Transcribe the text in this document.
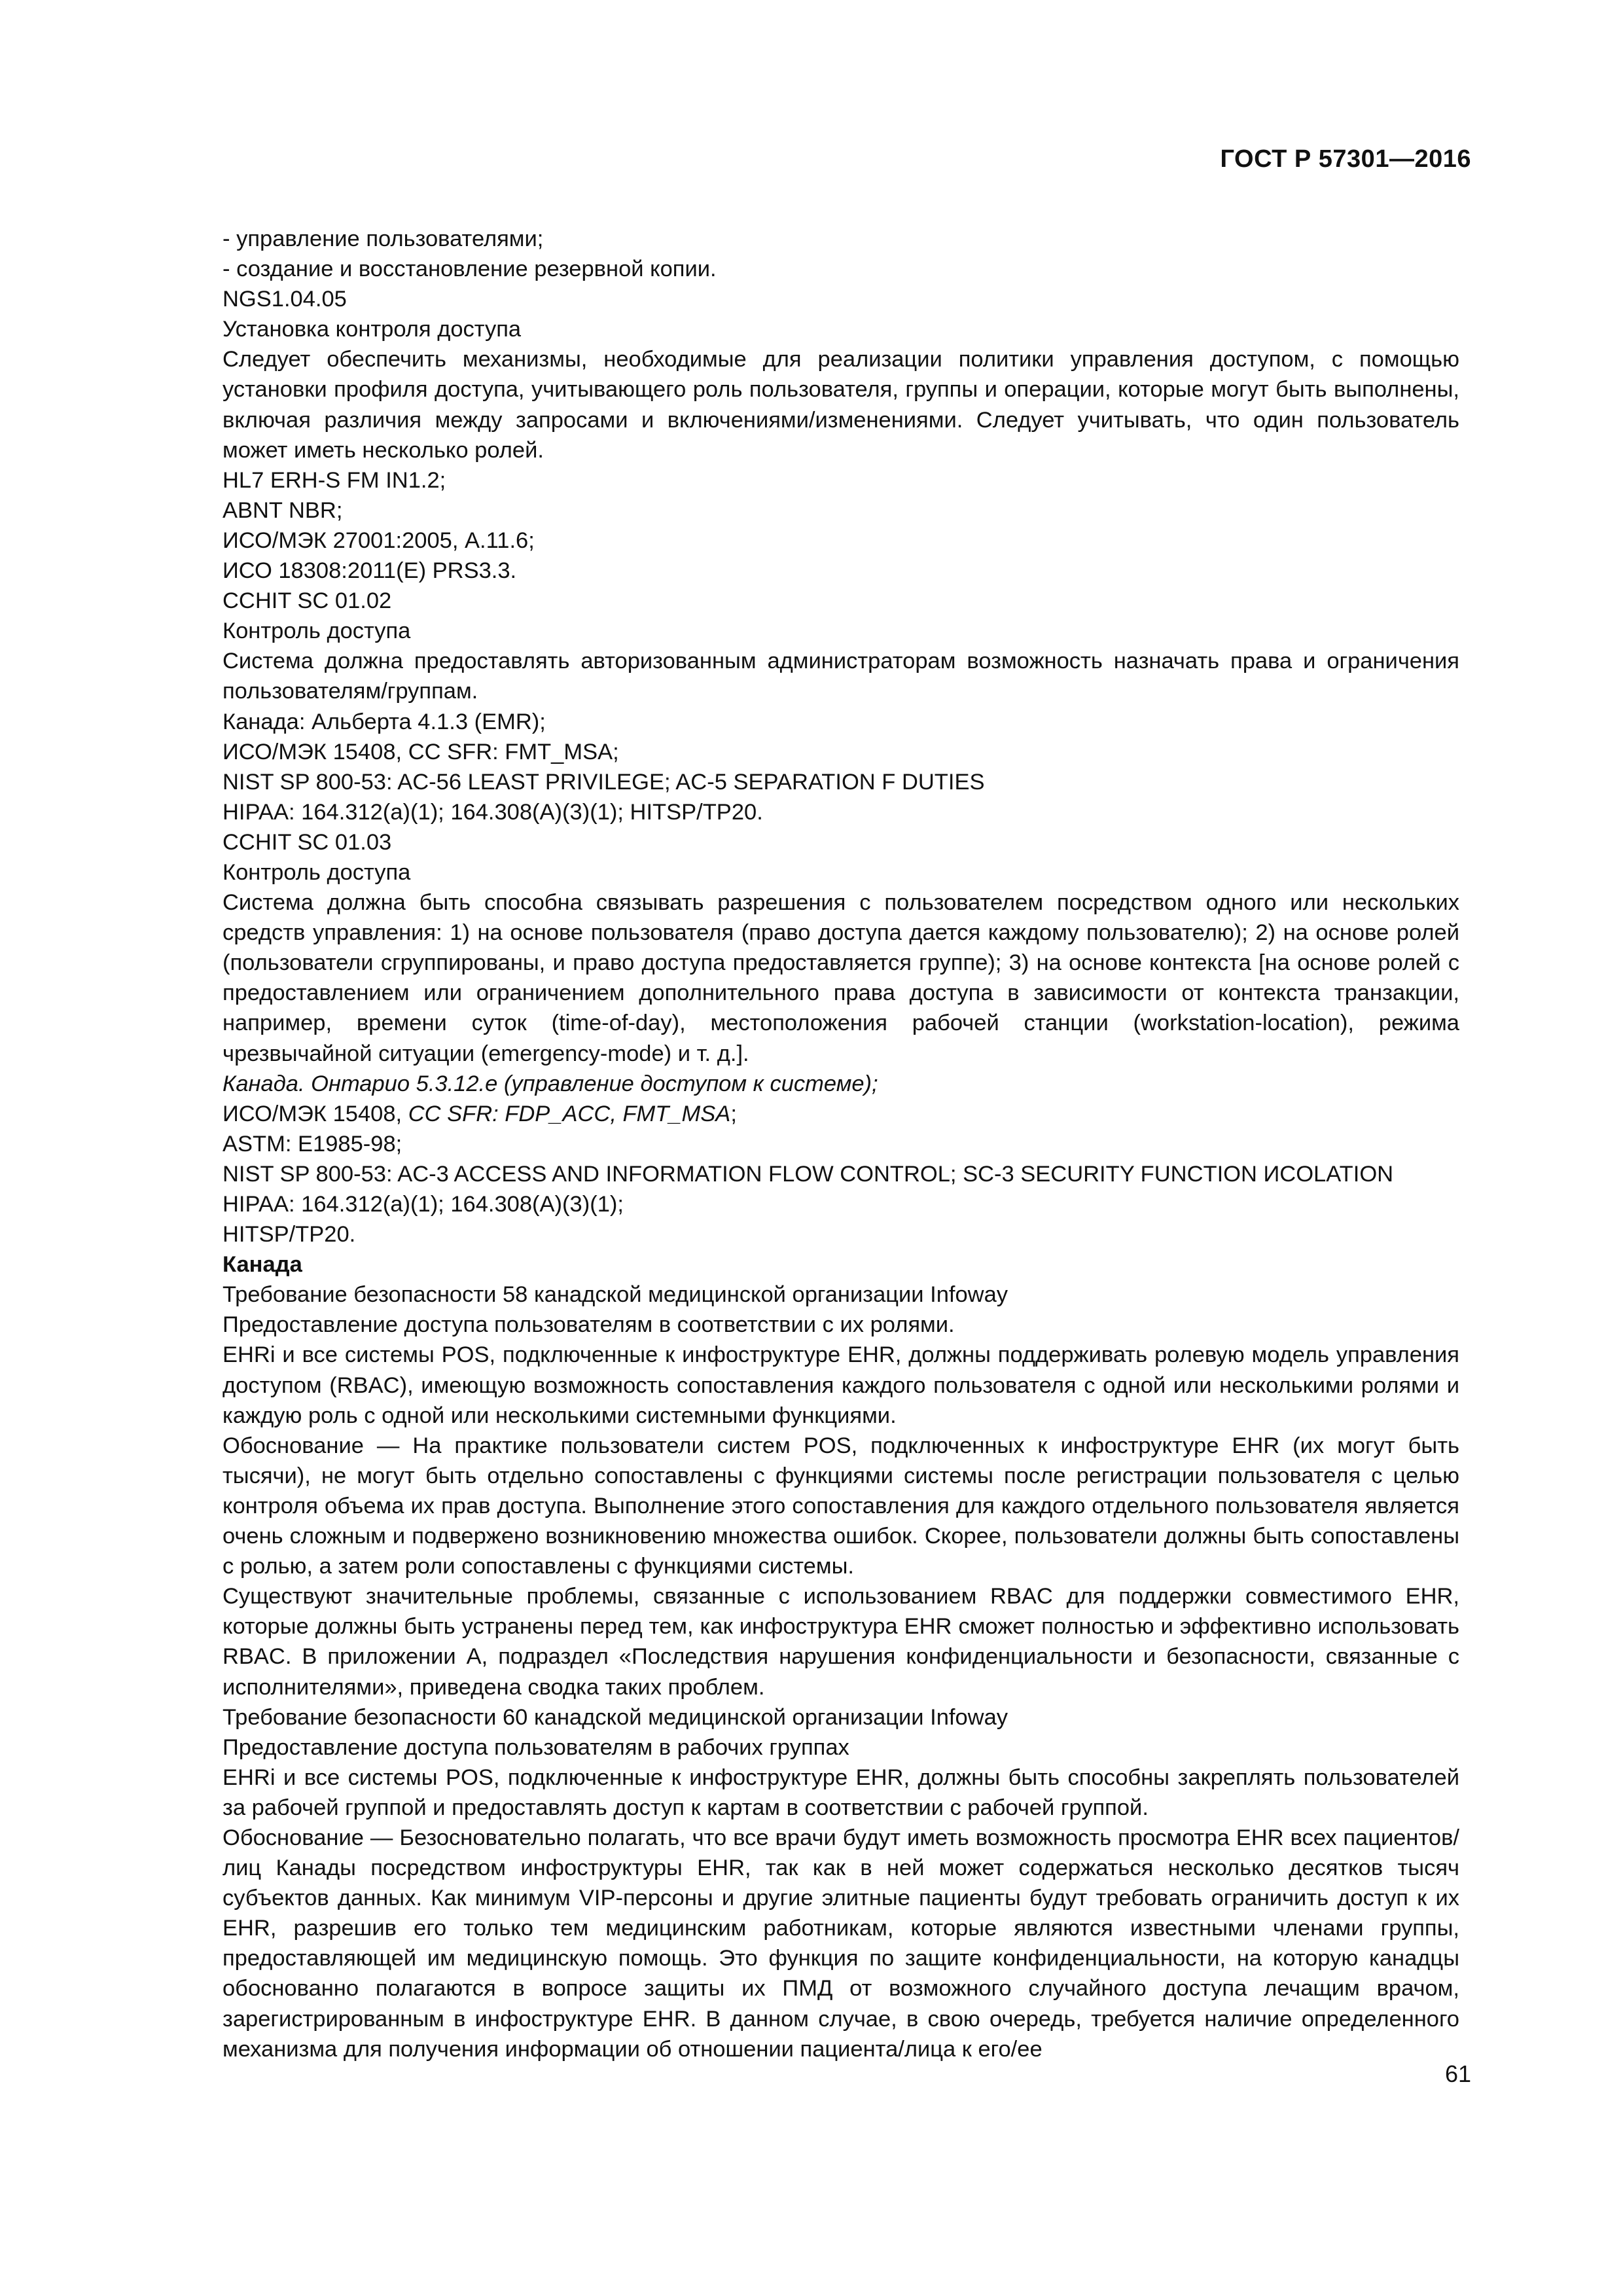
ГОСТ Р 57301—2016
- управление пользователями;
- создание и восстановление резервной копии.
NGS1.04.05
Установка контроля доступа
Следует обеспечить механизмы, необходимые для реализации политики управления доступом, с помощью установки профиля доступа, учитывающего роль пользователя, группы и операции, которые могут быть выполнены, включая различия между запросами и включениями/изменениями. Следует учитывать, что один пользователь может иметь несколько ролей.
HL7 ERH-S FM IN1.2;
ABNT NBR;
ИСО/МЭК 27001:2005, A.11.6;
ИСО 18308:2011(E) PRS3.3.
CCHIT SC 01.02
Контроль доступа
Система должна предоставлять авторизованным администраторам возможность назначать права и ограничения пользователям/группам.
Канада: Альберта 4.1.3 (EMR);
ИСО/МЭК 15408, CC SFR: FMT_MSA;
NIST SP 800-53: AC-56 LEAST PRIVILEGE; AC-5 SEPARATION F DUTIES
HIPAA: 164.312(a)(1); 164.308(A)(3)(1); HITSP/TP20.
CCHIT SC 01.03
Контроль доступа
Система должна быть способна связывать разрешения с пользователем посредством одного или нескольких средств управления: 1) на основе пользователя (право доступа дается каждому пользователю); 2) на основе ролей (пользователи сгруппированы, и право доступа предоставляется группе); 3) на основе контекста [на основе ролей с предоставлением или ограничением дополнительного права доступа в зависимости от контекста транзакции, например, времени суток (time-of-day), местоположения рабочей станции (workstation-location), режима чрезвычайной ситуации (emergency-mode) и т. д.].
Канада. Онтарио 5.3.12.e (управление доступом к системе);
ИСО/МЭК 15408, CC SFR: FDP_ACC, FMT_MSA;
ASTM: E1985-98;
NIST SP 800-53: AC-3 ACCESS AND INFORMATION FLOW CONTROL; SC-3 SECURITY FUNCTION ИCOLATION
HIPAA: 164.312(a)(1); 164.308(A)(3)(1);
HITSP/TP20.
Канада
Требование безопасности 58 канадской медицинской организации Infoway
Предоставление доступа пользователям в соответствии с их ролями.
EHRi и все системы POS, подключенные к инфоструктуре EHR, должны поддерживать ролевую модель управления доступом (RBAC), имеющую возможность сопоставления каждого пользователя с одной или несколькими ролями и каждую роль с одной или несколькими системными функциями.
Обоснование — На практике пользователи систем POS, подключенных к инфоструктуре EHR (их могут быть тысячи), не могут быть отдельно сопоставлены с функциями системы после регистрации пользователя с целью контроля объема их прав доступа. Выполнение этого сопоставления для каждого отдельного пользователя является очень сложным и подвержено возникновению множества ошибок. Скорее, пользователи должны быть сопоставлены с ролью, а затем роли сопоставлены с функциями системы.
Существуют значительные проблемы, связанные с использованием RBAC для поддержки совместимого EHR, которые должны быть устранены перед тем, как инфоструктура EHR сможет полностью и эффективно использовать RBAC. В приложении А, подраздел «Последствия нарушения конфиденциальности и безопасности, связанные с исполнителями», приведена сводка таких проблем.
Требование безопасности 60 канадской медицинской организации Infoway
Предоставление доступа пользователям в рабочих группах
EHRi и все системы POS, подключенные к инфоструктуре EHR, должны быть способны закреплять пользователей за рабочей группой и предоставлять доступ к картам в соответствии с рабочей группой.
Обоснование — Безосновательно полагать, что все врачи будут иметь возможность просмотра EHR всех пациентов/лиц Канады посредством инфоструктуры EHR, так как в ней может содержаться несколько десятков тысяч субъектов данных. Как минимум VIP-персоны и другие элитные пациенты будут требовать ограничить доступ к их EHR, разрешив его только тем медицинским работникам, которые являются известными членами группы, предоставляющей им медицинскую помощь. Это функция по защите конфиденциальности, на которую канадцы обоснованно полагаются в вопросе защиты их ПМД от возможного случайного доступа лечащим врачом, зарегистрированным в инфоструктуре EHR. В данном случае, в свою очередь, требуется наличие определенного механизма для получения информации об отношении пациента/лица к его/ее
61
